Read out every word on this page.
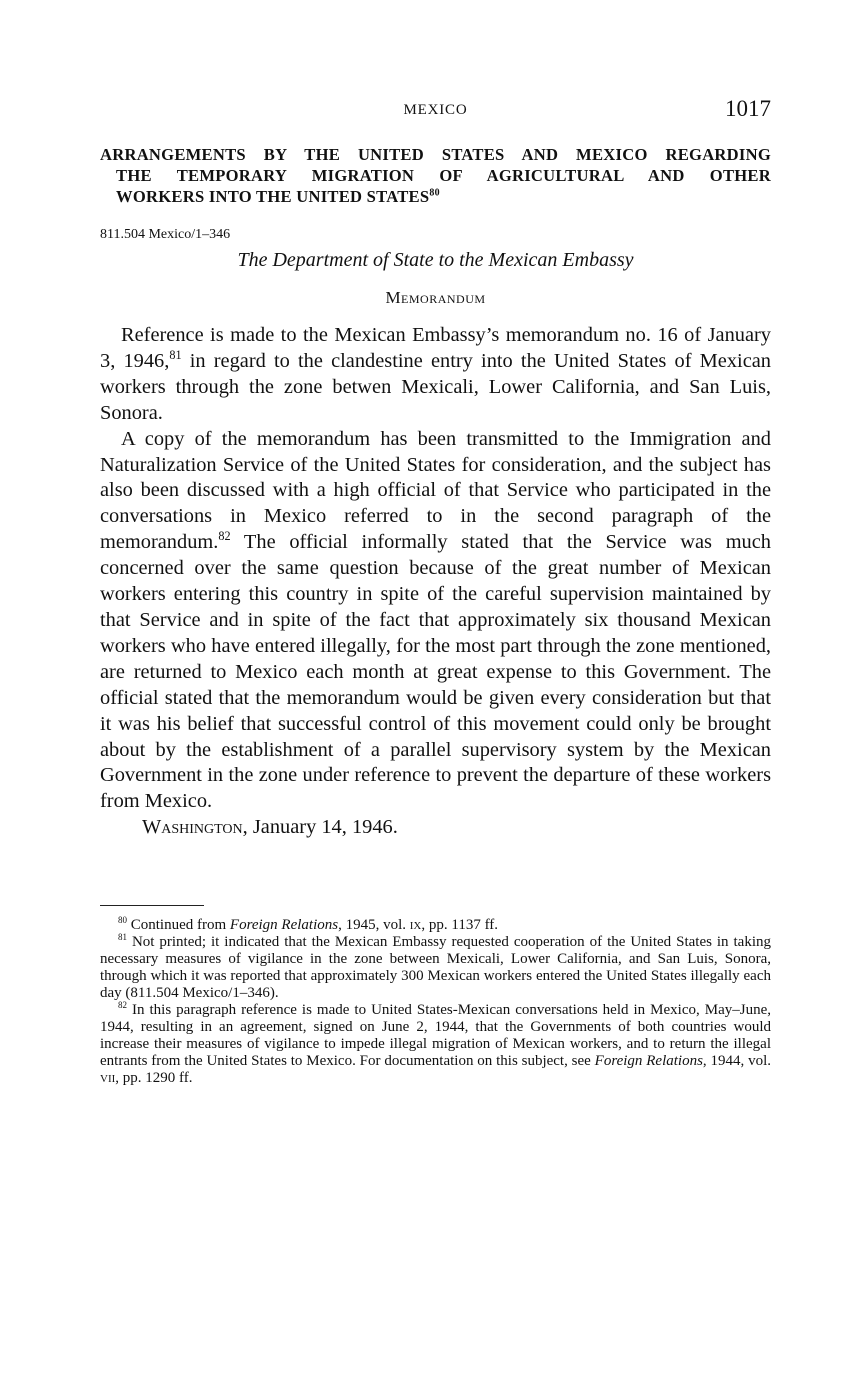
MEXICO	1017
ARRANGEMENTS BY THE UNITED STATES AND MEXICO REGARDING
THE TEMPORARY MIGRATION OF AGRICULTURAL AND OTHER
WORKERS INTO THE UNITED STATES$^{80}$
811.504 Mexico/1–346
The Department of State to the Mexican Embassy
Memorandum

Reference is made to the Mexican Embassy’s memorandum no. 16 of January 3, 1946,81 in regard to the clandestine entry into the United States of Mexican workers through the zone betwen Mexicali, Lower California, and San Luis, Sonora.

A copy of the memorandum has been transmitted to the Immigration and Naturalization Service of the United States for consideration, and the subject has also been discussed with a high official of that Service who participated in the conversations in Mexico referred to in the second paragraph of the memorandum.$^{82}$ The official informally stated that the Service was much concerned over the same question because of the great number of Mexican workers entering this country in spite of the careful supervision maintained by that Service and in spite of the fact that approximately six thousand Mexican workers who have entered illegally, for the most part through the zone mentioned, are returned to Mexico each month at great expense to this Government. The official stated that the memorandum would be given every consideration but that it was his belief that successful control of this movement could only be brought about by the establishment of a parallel supervisory system by the Mexican Government in the zone under reference to prevent the departure of these workers from Mexico.

Washington, January 14, 1946.

$^{80}$ Continued from Foreign Relations, 1945, vol. ix, pp. 1137 ff.

$^{81}$ Not printed; it indicated that the Mexican Embassy requested cooperation of the United States in taking necessary measures of vigilance in the zone between Mexicali, Lower California, and San Luis, Sonora, through which it was reported that approximately 300 Mexican workers entered the United States illegally each day (811.504 Mexico/1–346).

$^{82}$ In this paragraph reference is made to United States-Mexican conversations held in Mexico, May–June, 1944, resulting in an agreement, signed on June 2, 1944, that the Governments of both countries would increase their measures of vigilance to impede illegal migration of Mexican workers, and to return the illegal entrants from the United States to Mexico. For documentation on this subject, see Foreign Relations, 1944, vol. vii, pp. 1290 ff.
